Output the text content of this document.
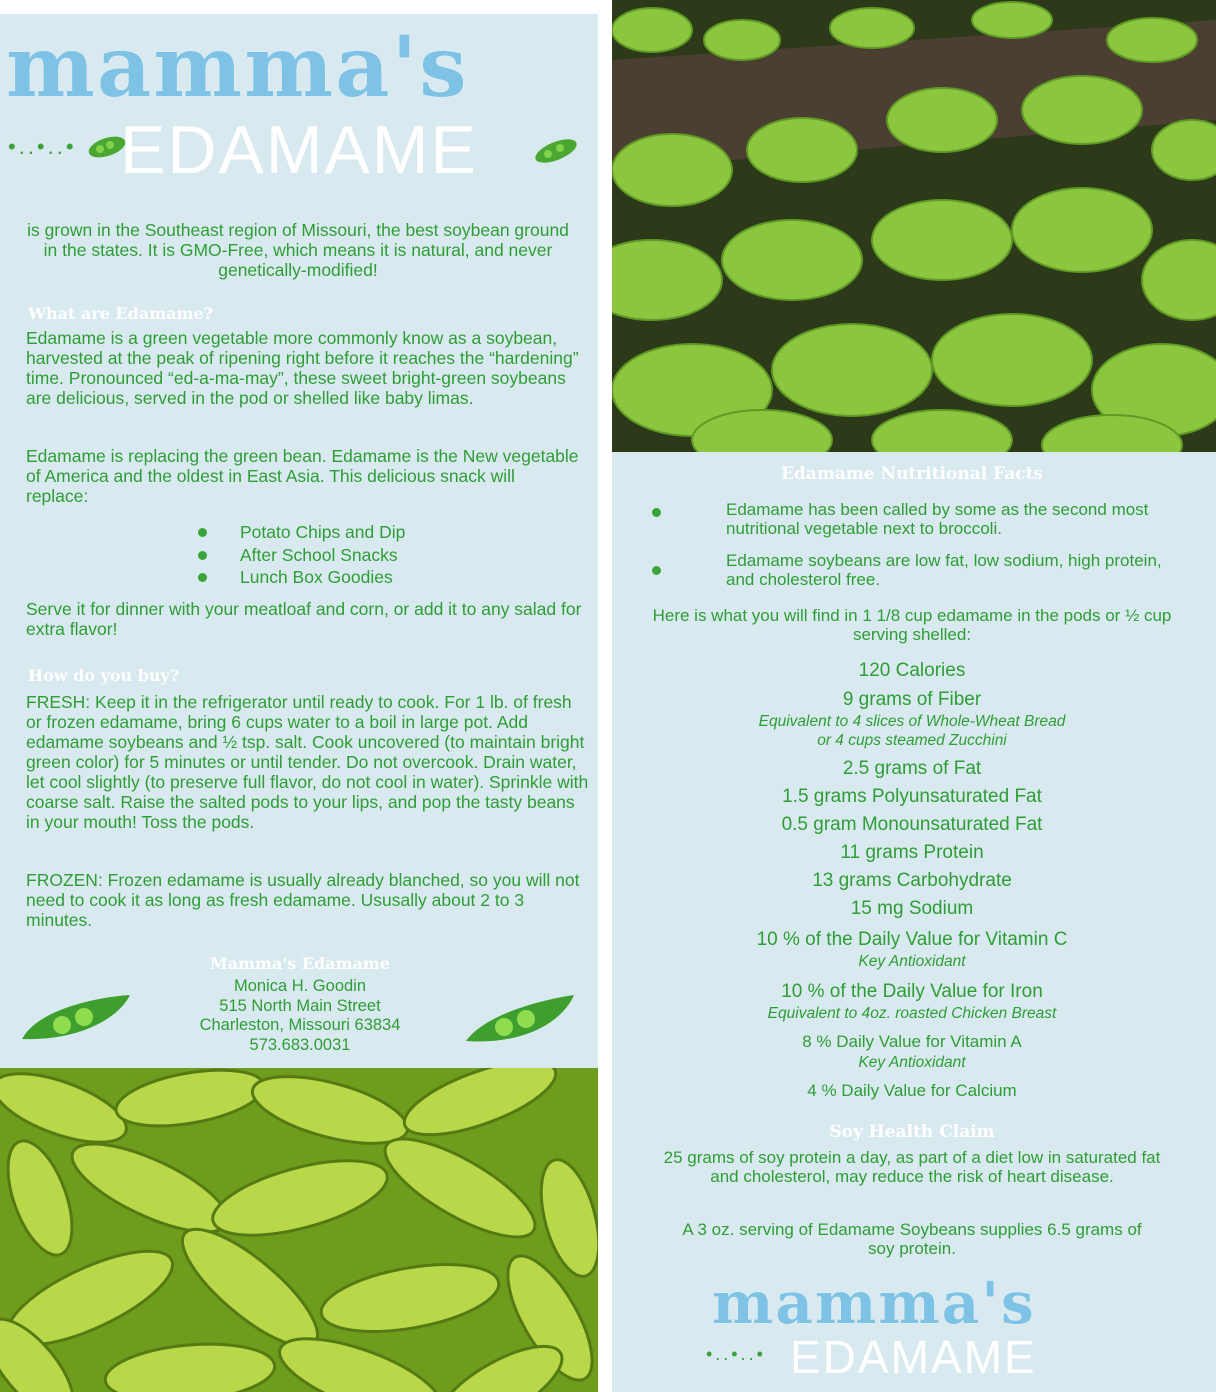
mamma's
•..•..• EDAMAME
is grown in the Southeast region of Missouri, the best soybean ground in the states. It is GMO-Free, which means it is natural, and never genetically-modified!
What are Edamame?
Edamame is a green vegetable more commonly know as a soybean, harvested at the peak of ripening right before it reaches the “hardening” time. Pronounced “ed-a-ma-may”, these sweet bright-green soybeans are delicious, served in the pod or shelled like baby limas.
Edamame is replacing the green bean. Edamame is the New vegetable of America and the oldest in East Asia. This delicious snack will replace:
Potato Chips and Dip
After School Snacks
Lunch Box Goodies
Serve it for dinner with your meatloaf and corn, or add it to any salad for extra flavor!
How do you buy?
FRESH: Keep it in the refrigerator until ready to cook. For 1 lb. of fresh or frozen edamame, bring 6 cups water to a boil in large pot. Add edamame soybeans and ½ tsp. salt. Cook uncovered (to maintain bright green color) for 5 minutes or until tender. Do not overcook. Drain water, let cool slightly (to preserve full flavor, do not cool in water). Sprinkle with coarse salt. Raise the salted pods to your lips, and pop the tasty beans in your mouth! Toss the pods.
FROZEN: Frozen edamame is usually already blanched, so you will not need to cook it as long as fresh edamame. Ususally about 2 to 3 minutes.
Mamma's Edamame
Monica H. Goodin
515 North Main Street
Charleston, Missouri 63834
573.683.0031
Edamame Nutritional Facts
Edamame has been called by some as the second most nutritional vegetable next to broccoli.
Edamame soybeans are low fat, low sodium, high protein, and cholesterol free.
Here is what you will find in 1 1/8 cup edamame in the pods or ½ cup serving shelled:
120 Calories
9 grams of Fiber
Equivalent to 4 slices of Whole-Wheat Bread
or 4 cups steamed Zucchini
2.5 grams of Fat
1.5 grams Polyunsaturated Fat
0.5 gram Monounsaturated Fat
11 grams Protein
13 grams Carbohydrate
15 mg Sodium
10 % of the Daily Value for Vitamin C
Key Antioxidant
10 % of the Daily Value for Iron
Equivalent to 4oz. roasted Chicken Breast
8 % Daily Value for Vitamin A
Key Antioxidant
4 % Daily Value for Calcium
Soy Health Claim
25 grams of soy protein a day, as part of a diet low in saturated fat and cholesterol, may reduce the risk of heart disease.
A 3 oz. serving of Edamame Soybeans supplies 6.5 grams of soy protein.
mamma's
•..•..• EDAMAME
